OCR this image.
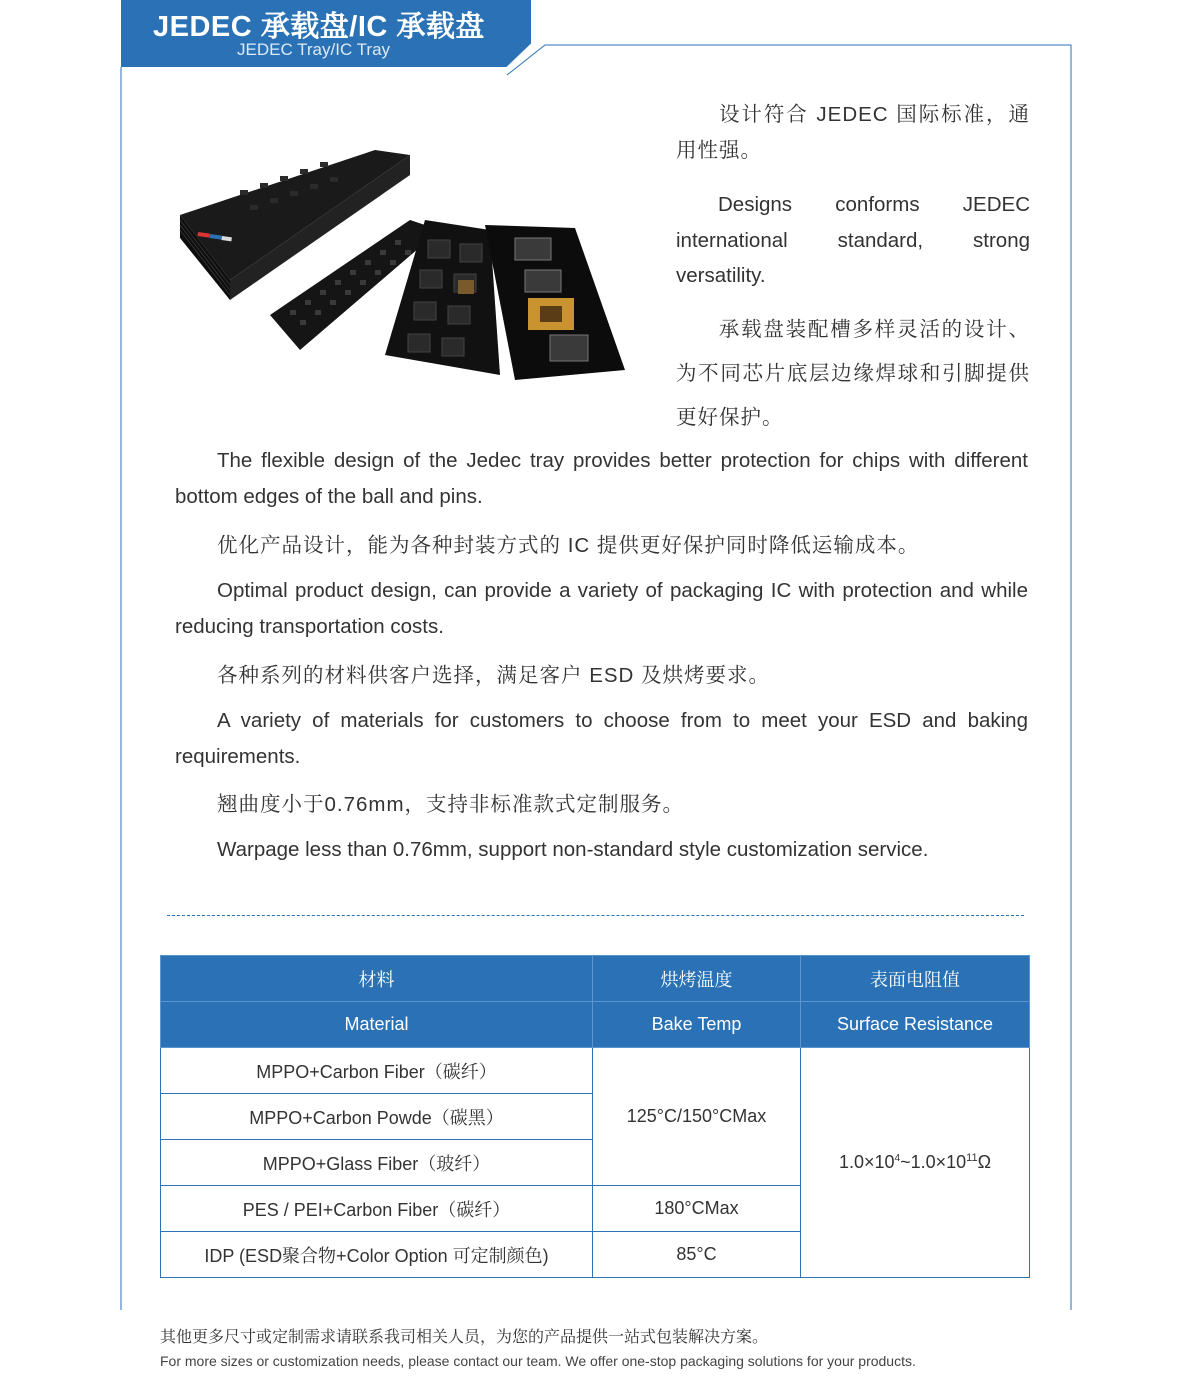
JEDEC 承载盘/IC 承载盘
JEDEC Tray/IC Tray
设计符合 JEDEC 国际标准，通用性强。
Designs conforms JEDEC international standard, strong versatility.
承载盘装配槽多样灵活的设计、为不同芯片底层边缘焊球和引脚提供更好保护。
The flexible design of the Jedec tray provides better protection for chips with different bottom edges of the ball and pins.
优化产品设计，能为各种封装方式的 IC 提供更好保护同时降低运输成本。
Optimal product design, can provide a variety of packaging IC with protection and while reducing transportation costs.
各种系列的材料供客户选择，满足客户 ESD 及烘烤要求。
A variety of materials for customers to choose from to meet your ESD and baking requirements.
翘曲度小于0.76mm，支持非标准款式定制服务。
Warpage less than 0.76mm, support non-standard style customization service.
材料	烘烤温度	表面电阻值
Material	Bake Temp	Surface Resistance
MPPO+Carbon Fiber（碳纤）	125°C/150°CMax	$1.0\times 10^4\sim 1.0\times 10^{11}\Omega$
MPPO+Carbon Powde（碳黑）		
MPPO+Glass Fiber（玻纤）		
PES / PEI+Carbon Fiber（碳纤）	180°CMax	
IDP (ESD聚合物+Color Option 可定制颜色)	85°C	
其他更多尺寸或定制需求请联系我司相关人员，为您的产品提供一站式包装解决方案。
For more sizes or customization needs, please contact our team. We offer one-stop packaging solutions for your products.
